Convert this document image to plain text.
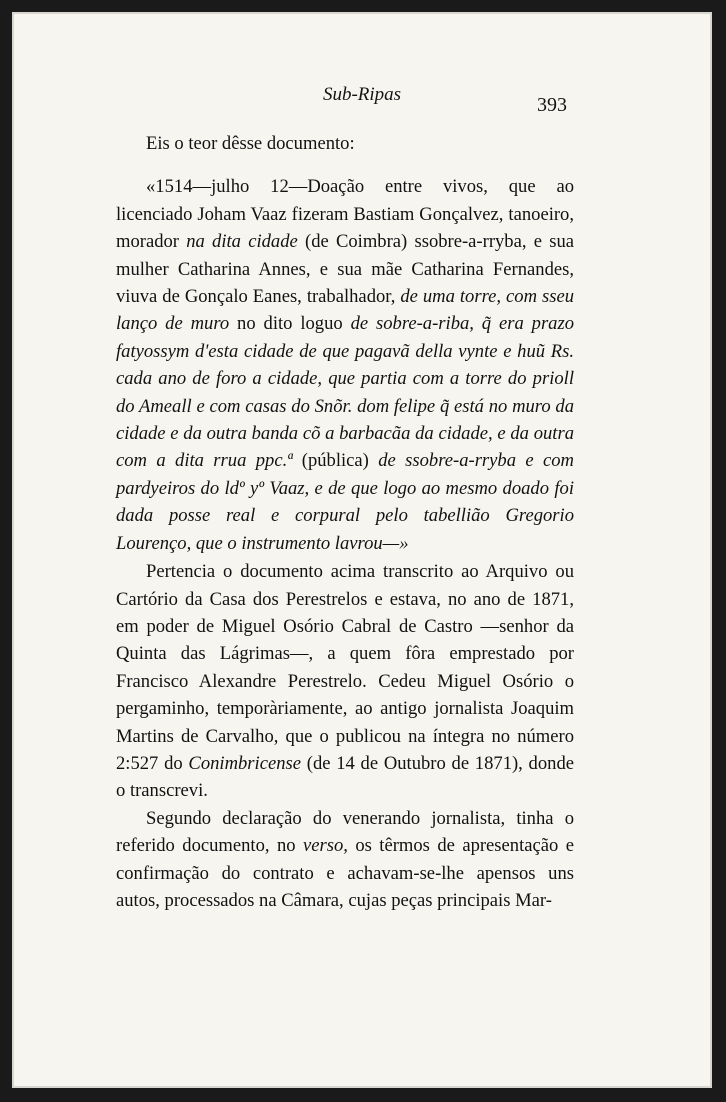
Sub-Ripas	393

Eis o teor dêsse documento:

«1514—julho 12—Doação entre vivos, que ao licenciado Joham Vaaz fizeram Bastiam Gonçalvez, tanoeiro, morador na dita cidade (de Coimbra) ssobre-a-rryba, e sua mulher Catharina Annes, e sua mãe Catharina Fernandes, viuva de Gonçalo Eanes, trabalhador, de uma torre, com sseu lanço de muro no dito loguo de sobre-a-riba, q̃ era prazo fatyossym d'esta cidade de que pagavã della vynte e huũ Rs. cada ano de foro a cidade, que partia com a torre do prioll do Ameall e com casas do Snõr. dom felipe q̃ está no muro da cidade e da outra banda cõ a barbacãa da cidade, e da outra com a dita rrua ppc.ª (pública) de ssobre-a-rryba e com pardyeiros do ldº yº Vaaz, e de que logo ao mesmo doado foi dada posse real e corpural pelo tabellião Gregorio Lourenço, que o instrumento lavrou—»

Pertencia o documento acima transcrito ao Arquivo ou Cartório da Casa dos Perestrelos e estava, no ano de 1871, em poder de Miguel Osório Cabral de Castro —senhor da Quinta das Lágrimas—, a quem fôra emprestado por Francisco Alexandre Perestrelo. Cedeu Miguel Osório o pergaminho, temporàriamente, ao antigo jornalista Joaquim Martins de Carvalho, que o publicou na íntegra no número 2:527 do Conimbricense (de 14 de Outubro de 1871), donde o transcrevi.

Segundo declaração do venerando jornalista, tinha o referido documento, no verso, os têrmos de apresentação e confirmação do contrato e achavam-se-lhe apensos uns autos, processados na Câmara, cujas peças principais Mar-
